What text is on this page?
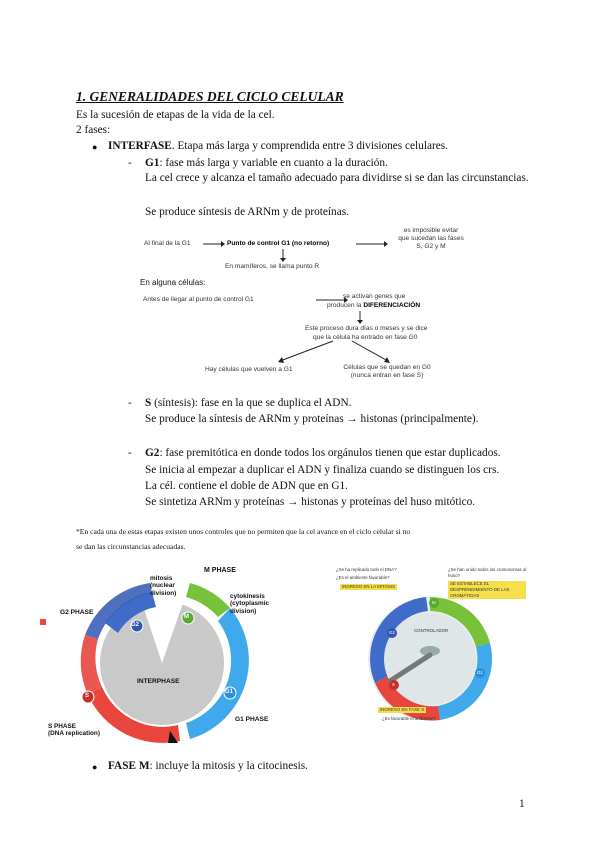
1. GENERALIDADES DEL CICLO CELULAR
Es la sucesión de etapas de la vida de la cel.
2 fases:
● INTERFASE. Etapa más larga y comprendida entre 3 divisiones celulares.
- G1: fase más larga y variable en cuanto a la duración.
La cel crece y alcanza el tamaño adecuado para dividirse si se dan las circunstancias.
Se produce síntesis de ARNm y de proteínas.
Al final de la G1	Punto de control G1 (no retorno)
es imposible evitar
que sucedan las fases
S, G2 y M
En mamíferos, se llama punto R
En alguna células:
Antes de llegar al punto de control G1	se activan genes que
producen la DIFERENCIACIÓN
Este proceso dura días o meses y se dice
que la célula ha entrado en fase G0
Hay células que vuelven a G1	Células que se quedan en G0
(nunca entran en fase S)
- S (síntesis): fase en la que se duplica el ADN.
Se produce la síntesis de ARNm y proteínas → histonas (principalmente).
- G2: fase premitótica en donde todos los orgánulos tienen que estar duplicados.
Se inicia al empezar a duplicar el ADN y finaliza cuando se distinguen los crs.
La cél. contiene el doble de ADN que en G1.
Se sintetiza ARNm y proteínas → histonas y proteínas del huso mitótico.
*En cada una de estas etapas existen unos controles que no permiten que la cel avance en el ciclo celular si no
se dan las circunstancias adecuadas.
M PHASE
mitosis
(nuclear
division)	cytokinesis
(cytoplasmic
division)
G2 PHASE
G2
M
INTERPHASE
G1
S
G1 PHASE
S PHASE
(DNA replication)
¿Se ha replicado todo el DNA?
¿Es el ambiente favorable?
INGRESO EN LA MITOSIS
¿Se han unido todos los cromosomas al huso?
SE ESTABLECE EL DESPRENDIMIENTO DE LAS CROMÁTIDAS
CONTROLADOR
INGRESO EN FASE S
¿Es favorable el ambiente?
M
G2
S
G1
● FASE M: incluye la mitosis y la citocinesis.
1
